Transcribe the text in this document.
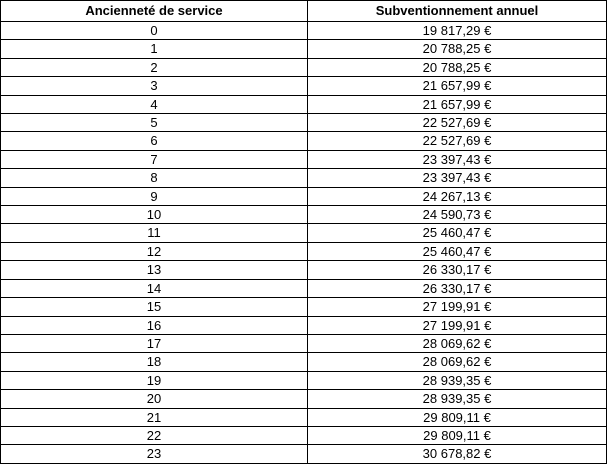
Ancienneté de service	Subventionnement annuel
0	19 817,29 €
1	20 788,25 €
2	20 788,25 €
3	21 657,99 €
4	21 657,99 €
5	22 527,69 €
6	22 527,69 €
7	23 397,43 €
8	23 397,43 €
9	24 267,13 €
10	24 590,73 €
11	25 460,47 €
12	25 460,47 €
13	26 330,17 €
14	26 330,17 €
15	27 199,91 €
16	27 199,91 €
17	28 069,62 €
18	28 069,62 €
19	28 939,35 €
20	28 939,35 €
21	29 809,11 €
22	29 809,11 €
23	30 678,82 €
